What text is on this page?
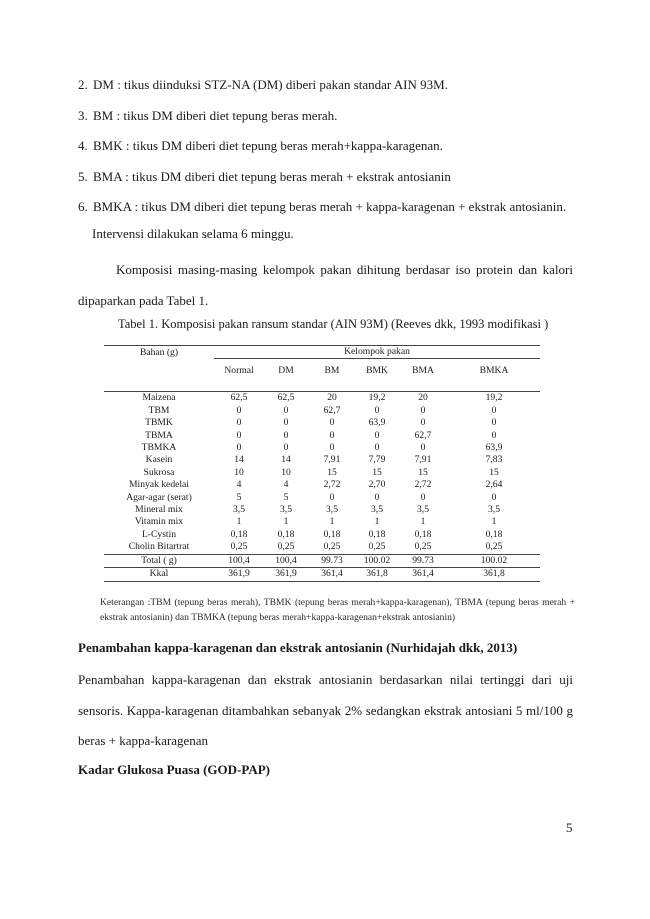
2. DM : tikus diinduksi STZ-NA (DM) diberi pakan standar AIN 93M.
3. BM : tikus DM diberi diet tepung beras merah.
4. BMK : tikus DM diberi diet tepung beras merah+kappa-karagenan.
5. BMA : tikus DM diberi diet tepung beras merah + ekstrak antosianin
6. BMKA : tikus DM diberi diet tepung beras merah + kappa-karagenan + ekstrak antosianin.
Intervensi dilakukan selama 6 minggu.

Komposisi masing-masing kelompok pakan dihitung berdasar iso protein dan kalori dipaparkan pada Tabel 1.

Tabel 1. Komposisi pakan ransum standar (AIN 93M) (Reeves dkk, 1993 modifikasi )
Bahan (g)	Kelompok pakan					

	Normal	DM	BM	BMK	BMA	BMKA

Maizena	62,5	62,5	20	19,2	20	19,2
TBM	0	0	62,7	0	0	0
TBMK	0	0	0	63,9	0	0
TBMA	0	0	0	0	62,7	0
TBMKA	0	0	0	0	0	63,9
Kasein	14	14	7,91	7,79	7,91	7,83
Sukrosa	10	10	15	15	15	15
Minyak kedelai	4	4	2,72	2,70	2,72	2,64
Agar-agar (serat)	5	5	0	0	0	0
Mineral mix	3,5	3,5	3,5	3,5	3,5	3,5
Vitamin mix	1	1	1	1	1	1
L-Cystin	0,18	0,18	0,18	0,18	0,18	0,18
Cholin Bitartrat	0,25	0,25	0,25	0,25	0,25	0,25
Total ( g)	100,4	100,4	99.73	100.02	99.73	100.02
Kkal	361,9	361,9	361,4	361,8	361,4	361,8

Keterangan :TBM (tepung beras merah), TBMK (tepung beras merah+kappa-karagenan), TBMA (tepung beras merah + ekstrak antosianin) dan TBMKA (tepung beras merah+kappa-karagenan+ekstrak antosianin)

Penambahan kappa-karagenan dan ekstrak antosianin (Nurhidajah dkk, 2013)

Penambahan kappa-karagenan dan ekstrak antosianin berdasarkan nilai tertinggi dari uji sensoris. Kappa-karagenan ditambahkan sebanyak 2% sedangkan ekstrak antosiani 5 ml/100 g beras + kappa-karagenan

Kadar Glukosa Puasa (GOD-PAP)
5
